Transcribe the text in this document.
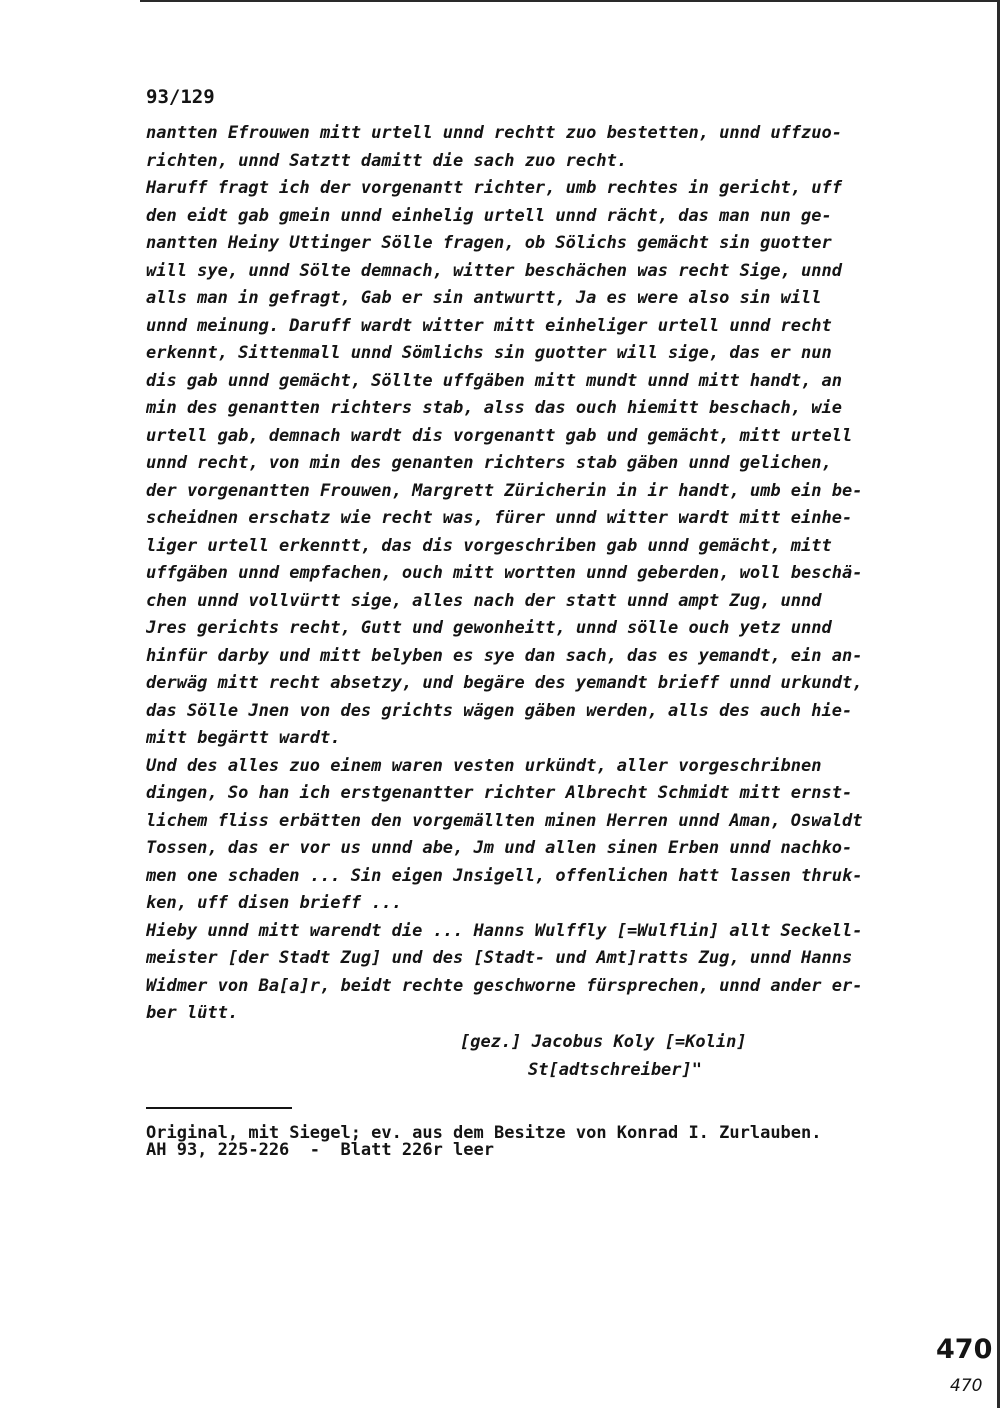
93/129
nantten Efrouwen mitt urtell unnd rechtt zuo bestetten, unnd uffzuo-
richten, unnd Satztt damitt die sach zuo recht.
Haruff fragt ich der vorgenantt richter, umb rechtes in gericht, uff
den eidt gab gmein unnd einhelig urtell unnd rächt, das man nun ge-
nantten Heiny Uttinger Sölle fragen, ob Sölichs gemächt sin guotter
will sye, unnd Sölte demnach, witter beschächen was recht Sige, unnd
alls man in gefragt, Gab er sin antwurtt, Ja es were also sin will
unnd meinung. Daruff wardt witter mitt einheliger urtell unnd recht
erkennt, Sittenmall unnd Sömlichs sin guotter will sige, das er nun
dis gab unnd gemächt, Söllte uffgäben mitt mundt unnd mitt handt, an
min des genantten richters stab, alss das ouch hiemitt beschach, wie
urtell gab, demnach wardt dis vorgenantt gab und gemächt, mitt urtell
unnd recht, von min des genanten richters stab gäben unnd gelichen,
der vorgenantten Frouwen, Margrett Züricherin in ir handt, umb ein be-
scheidnen erschatz wie recht was, fürer unnd witter wardt mitt einhe-
liger urtell erkenntt, das dis vorgeschriben gab unnd gemächt, mitt
uffgäben unnd empfachen, ouch mitt wortten unnd geberden, woll beschä-
chen unnd vollvürtt sige, alles nach der statt unnd ampt Zug, unnd
Jres gerichts recht, Gutt und gewonheitt, unnd sölle ouch yetz unnd
hinfür darby und mitt belyben es sye dan sach, das es yemandt, ein an-
derwäg mitt recht absetzy, und begäre des yemandt brieff unnd urkundt,
das Sölle Jnen von des grichts wägen gäben werden, alls des auch hie-
mitt begärtt wardt.
Und des alles zuo einem waren vesten urkündt, aller vorgeschribnen
dingen, So han ich erstgenantter richter Albrecht Schmidt mitt ernst-
lichem fliss erbätten den vorgemällten minen Herren unnd Aman, Oswaldt
Tossen, das er vor us unnd abe, Jm und allen sinen Erben unnd nachko-
men one schaden ... Sin eigen Jnsigell, offenlichen hatt lassen thruk-
ken, uff disen brieff ...
Hieby unnd mitt warendt die ... Hanns Wulffly [=Wulflin] allt Seckell-
meister [der Stadt Zug] und des [Stadt- und Amt]ratts Zug, unnd Hanns
Widmer von Ba[a]r, beidt rechte geschworne fürsprechen, unnd ander er-
ber lütt.
[gez.] Jacobus Koly [=Kolin]
St[adtschreiber]"
Original, mit Siegel; ev. aus dem Besitze von Konrad I. Zurlauben.
AH 93, 225-226  -  Blatt 226r leer
470
470
